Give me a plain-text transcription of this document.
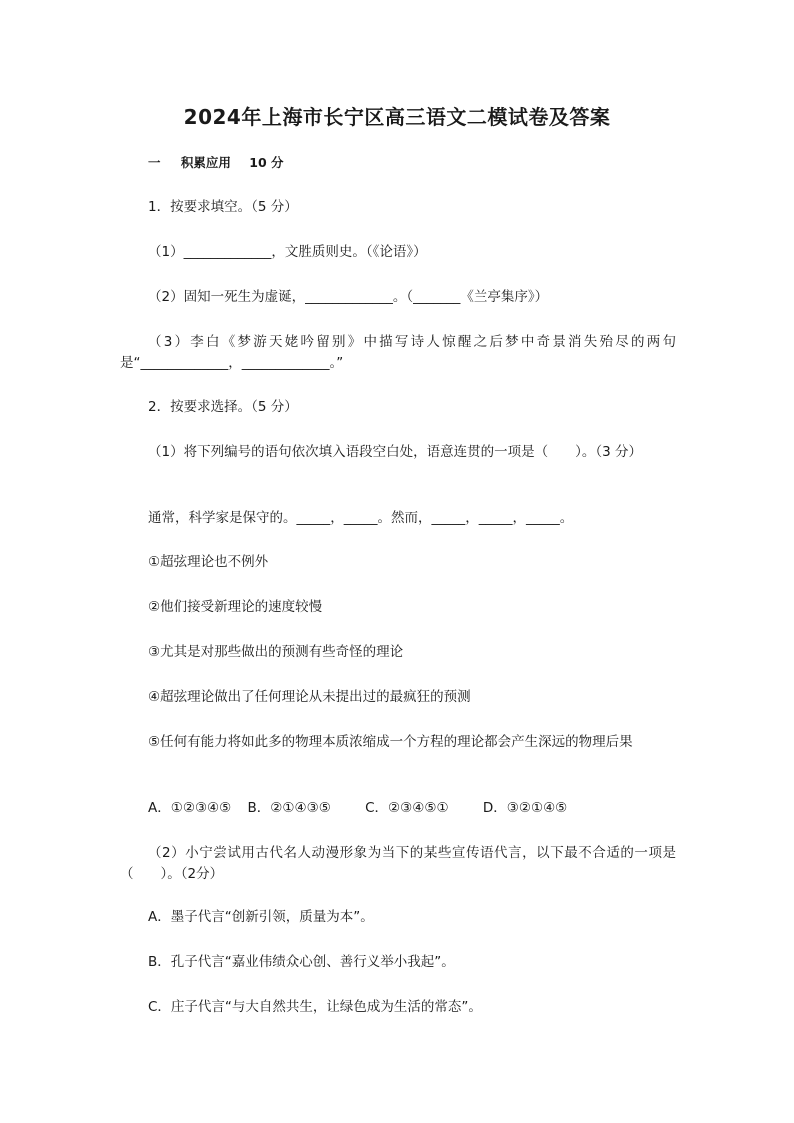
2024年上海市长宁区高三语文二模试卷及答案
一 积累应用 10 分
1．按要求填空。（5 分）
（1）_____________，文胜质则史。（《论语》）
（2）固知一死生为虚诞，_____________。（_______《兰亭集序》）
（3）李白《梦游天姥吟留别》中描写诗人惊醒之后梦中奇景消失殆尽的两句是“_____________，_____________。”
2．按要求选择。（5 分）
（1）将下列编号的语句依次填入语段空白处，语意连贯的一项是（　　）。（3 分）
通常，科学家是保守的。_____，_____。然而，_____，_____，_____。
①超弦理论也不例外
②他们接受新理论的速度较慢
③尤其是对那些做出的预测有些奇怪的理论
④超弦理论做出了任何理论从未提出过的最疯狂的预测
⑤任何有能力将如此多的物理本质浓缩成一个方程的理论都会产生深远的物理后果
A．①②③④⑤ B．②①④③⑤	C．②③④⑤①	D．③②①④⑤
（2）小宁尝试用古代名人动漫形象为当下的某些宣传语代言，以下最不合适的一项是（　　）。（2分）
A．墨子代言“创新引领，质量为本”。
B．孔子代言“嘉业伟绩众心创、善行义举小我起”。
C．庄子代言“与大自然共生，让绿色成为生活的常态”。
